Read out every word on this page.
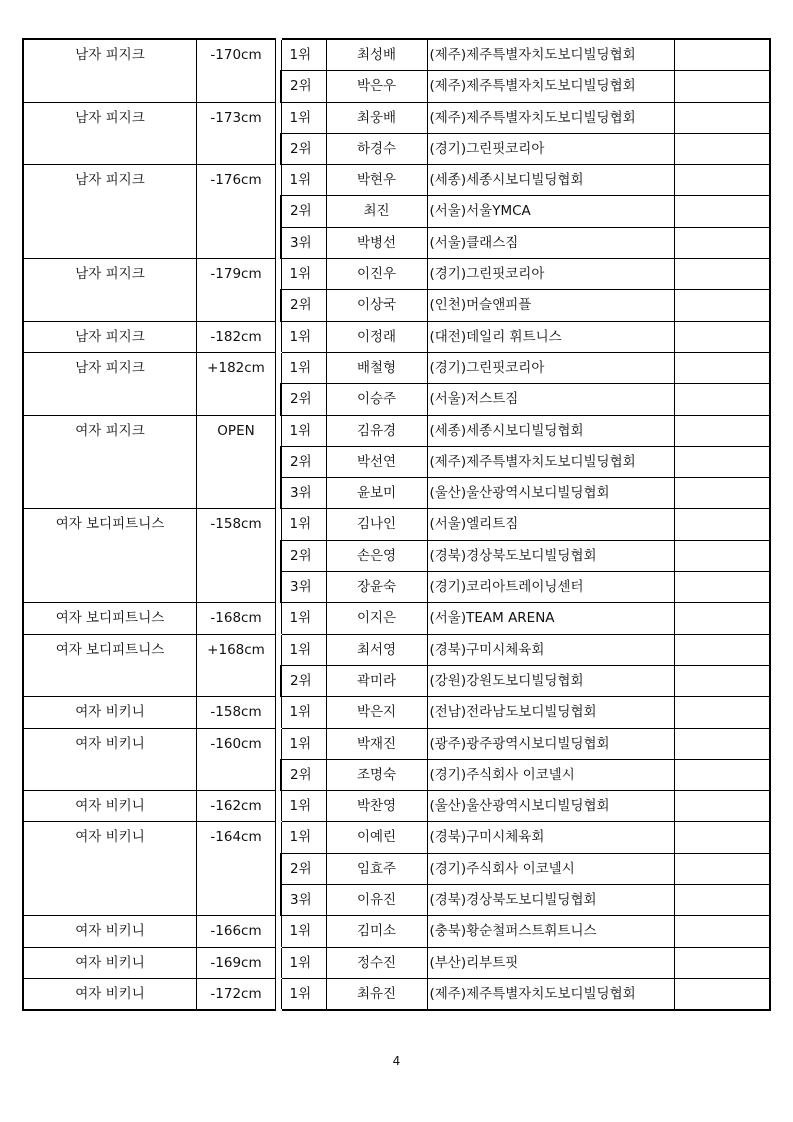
남자 피지크	-170cm		1위	최성배	(제주)제주특별자치도보디빌딩협회	
			2위	박은우	(제주)제주특별자치도보디빌딩협회	
남자 피지크	-173cm		1위	최웅배	(제주)제주특별자치도보디빌딩협회	
			2위	하경수	(경기)그린핏코리아	
남자 피지크	-176cm		1위	박현우	(세종)세종시보디빌딩협회	
			2위	최진	(서울)서울YMCA	
			3위	박병선	(서울)클래스짐	
남자 피지크	-179cm		1위	이진우	(경기)그린핏코리아	
			2위	이상국	(인천)머슬앤피플	
남자 피지크	-182cm		1위	이정래	(대전)데일리 휘트니스	
남자 피지크	+182cm		1위	배철형	(경기)그린핏코리아	
			2위	이승주	(서울)저스트짐	
여자 피지크	OPEN		1위	김유경	(세종)세종시보디빌딩협회	
			2위	박선연	(제주)제주특별자치도보디빌딩협회	
			3위	윤보미	(울산)울산광역시보디빌딩협회	
여자 보디피트니스	-158cm		1위	김나인	(서울)엘리트짐	
			2위	손은영	(경북)경상북도보디빌딩협회	
			3위	장윤숙	(경기)코리아트레이닝센터	
여자 보디피트니스	-168cm		1위	이지은	(서울)TEAM ARENA	
여자 보디피트니스	+168cm		1위	최서영	(경북)구미시체육회	
			2위	곽미라	(강원)강원도보디빌딩협회	
여자 비키니	-158cm		1위	박은지	(전남)전라남도보디빌딩협회	
여자 비키니	-160cm		1위	박재진	(광주)광주광역시보디빌딩협회	
			2위	조명숙	(경기)주식회사 이코넬시	
여자 비키니	-162cm		1위	박찬영	(울산)울산광역시보디빌딩협회	
여자 비키니	-164cm		1위	이예린	(경북)구미시체육회	
			2위	임효주	(경기)주식회사 이코넬시	
			3위	이유진	(경북)경상북도보디빌딩협회	
여자 비키니	-166cm		1위	김미소	(충북)황순철퍼스트휘트니스	
여자 비키니	-169cm		1위	정수진	(부산)리부트핏	
여자 비키니	-172cm		1위	최유진	(제주)제주특별자치도보디빌딩협회	
4
